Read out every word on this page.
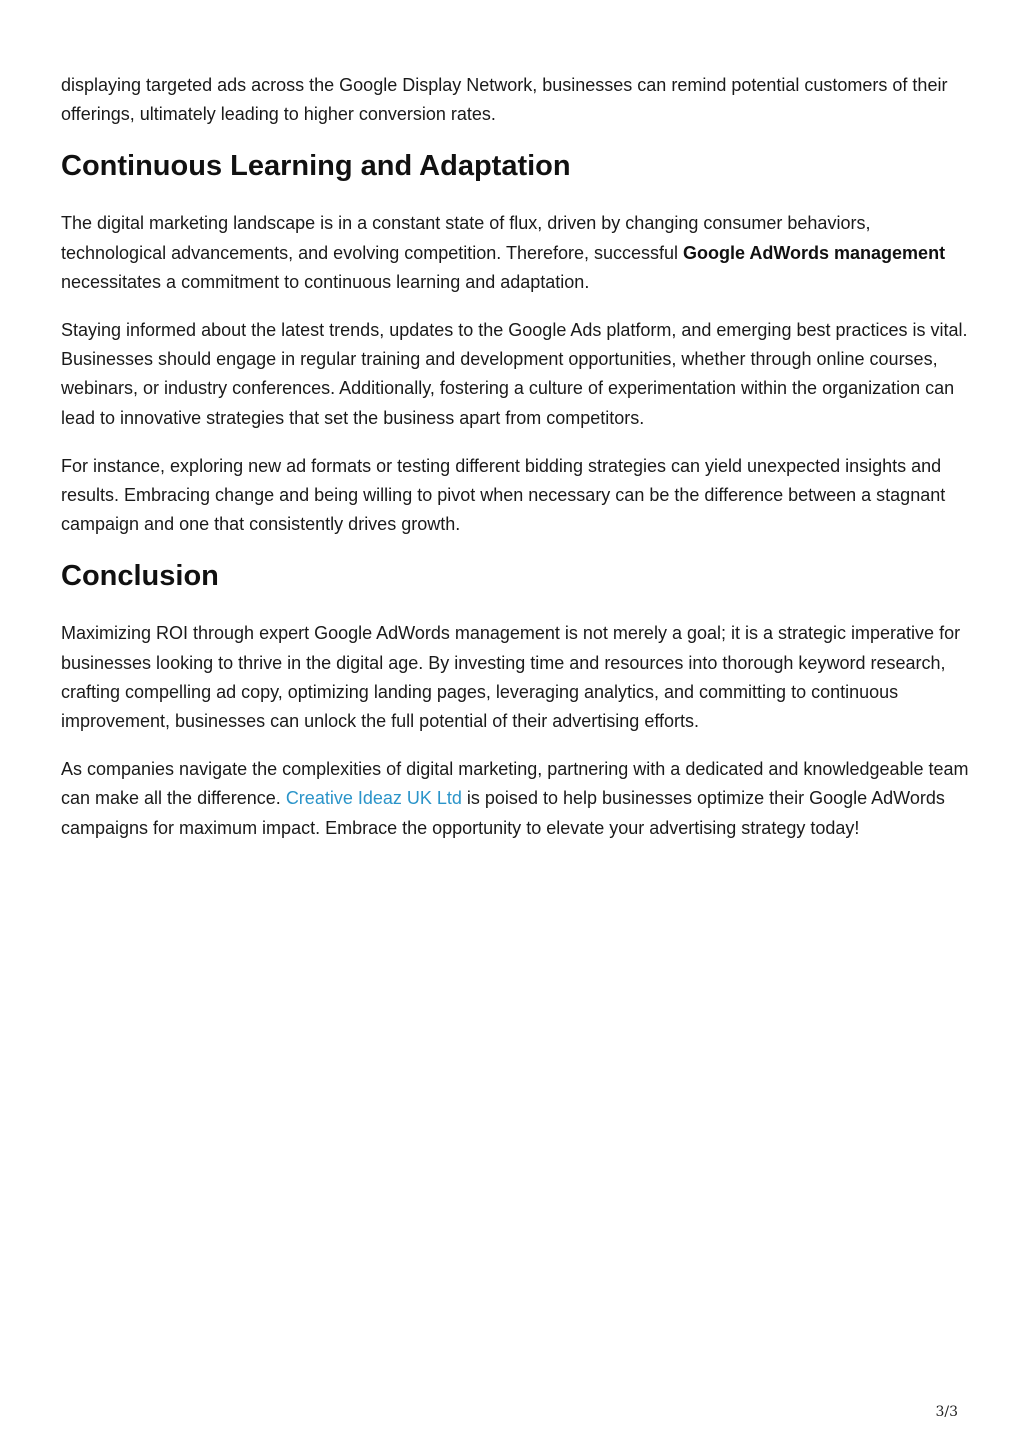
displaying targeted ads across the Google Display Network, businesses can remind potential customers of their offerings, ultimately leading to higher conversion rates.

Continuous Learning and Adaptation

The digital marketing landscape is in a constant state of flux, driven by changing consumer behaviors, technological advancements, and evolving competition. Therefore, successful Google AdWords management necessitates a commitment to continuous learning and adaptation.

Staying informed about the latest trends, updates to the Google Ads platform, and emerging best practices is vital. Businesses should engage in regular training and development opportunities, whether through online courses, webinars, or industry conferences. Additionally, fostering a culture of experimentation within the organization can lead to innovative strategies that set the business apart from competitors.

For instance, exploring new ad formats or testing different bidding strategies can yield unexpected insights and results. Embracing change and being willing to pivot when necessary can be the difference between a stagnant campaign and one that consistently drives growth.

Conclusion

Maximizing ROI through expert Google AdWords management is not merely a goal; it is a strategic imperative for businesses looking to thrive in the digital age. By investing time and resources into thorough keyword research, crafting compelling ad copy, optimizing landing pages, leveraging analytics, and committing to continuous improvement, businesses can unlock the full potential of their advertising efforts.

As companies navigate the complexities of digital marketing, partnering with a dedicated and knowledgeable team can make all the difference. Creative Ideaz UK Ltd is poised to help businesses optimize their Google AdWords campaigns for maximum impact. Embrace the opportunity to elevate your advertising strategy today!

3/3
